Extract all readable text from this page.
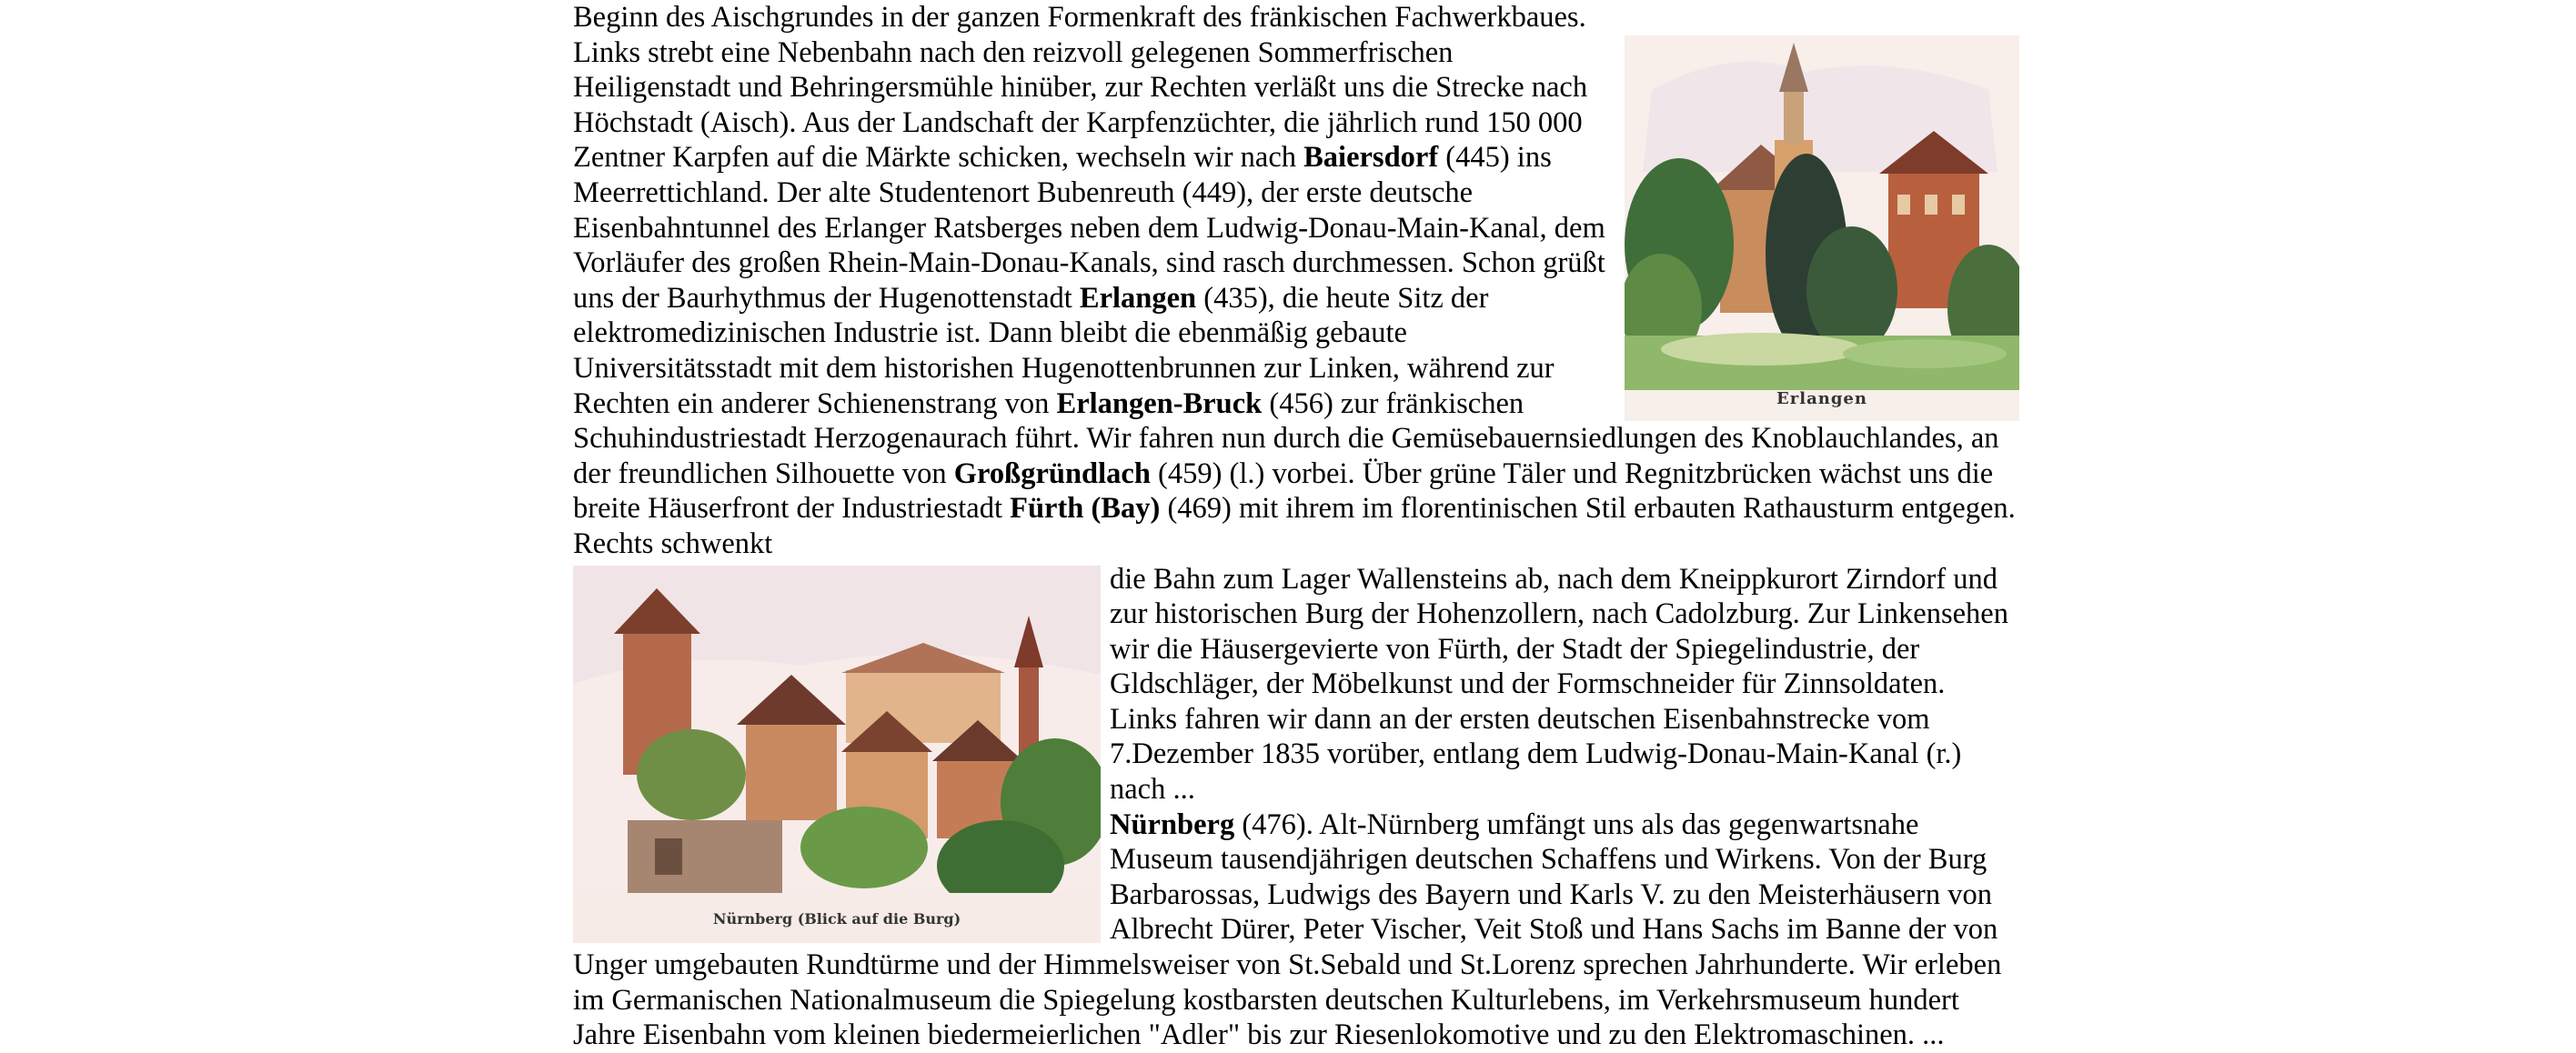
Erlangen

Beginn des Aischgrundes in der ganzen Formenkraft des fränkischen Fachwerkbaues. Links strebt eine Nebenbahn nach den reizvoll gelegenen Sommerfrischen Heiligenstadt und Behringersmühle hinüber, zur Rechten verläßt uns die Strecke nach Höchstadt (Aisch). Aus der Landschaft der Karpfenzüchter, die jährlich rund 150 000 Zentner Karpfen auf die Märkte schicken, wechseln wir nach Baiersdorf (445) ins Meerrettichland. Der alte Studentenort Bubenreuth (449), der erste deutsche Eisenbahntunnel des Erlanger Ratsberges neben dem Ludwig-Donau-Main-Kanal, dem Vorläufer des großen Rhein-Main-Donau-Kanals, sind rasch durchmessen. Schon grüßt uns der Baurhythmus der Hugenottenstadt Erlangen (435), die heute Sitz der elektromedizinischen Industrie ist. Dann bleibt die ebenmäßig gebaute Universitätsstadt mit dem historishen Hugenottenbrunnen zur Linken, während zur Rechten ein anderer Schienenstrang von Erlangen-Bruck (456) zur fränkischen Schuhindustriestadt Herzogenaurach führt. Wir fahren nun durch die Gemüsebauernsiedlungen des Knoblauchlandes, an der freundlichen Silhouette von Großgründlach (459) (l.) vorbei. Über grüne Täler und Regnitzbrücken wächst uns die breite Häuserfront der Industriestadt Fürth (Bay) (469) mit ihrem im florentinischen Stil erbauten Rathausturm entgegen. Rechts schwenkt

Nürnberg (Blick auf die Burg)

die Bahn zum Lager Wallensteins ab, nach dem Kneippkurort Zirndorf und zur historischen Burg der Hohenzollern, nach Cadolzburg. Zur Linkensehen wir die Häusergevierte von Fürth, der Stadt der Spiegelindustrie, der Gldschläger, der Möbelkunst und der Formschneider für Zinnsoldaten. Links fahren wir dann an der ersten deutschen Eisenbahnstrecke vom 7.Dezember 1835 vorüber, entlang dem Ludwig-Donau-Main-Kanal (r.) nach ...

Nürnberg (476). Alt-Nürnberg umfängt uns als das gegenwartsnahe Museum tausendjährigen deutschen Schaffens und Wirkens. Von der Burg Barbarossas, Ludwigs des Bayern und Karls V. zu den Meisterhäusern von Albrecht Dürer, Peter Vischer, Veit Stoß und Hans Sachs im Banne der von Unger umgebauten Rundtürme und der Himmelsweiser von St.Sebald und St.Lorenz sprechen Jahrhunderte. Wir erleben im Germanischen Nationalmuseum die Spiegelung kostbarsten deutschen Kulturlebens, im Verkehrsmuseum hundert Jahre Eisenbahn vom kleinen biedermeierlichen "Adler" bis zur Riesenlokomotive und zu den Elektromaschinen. ...
